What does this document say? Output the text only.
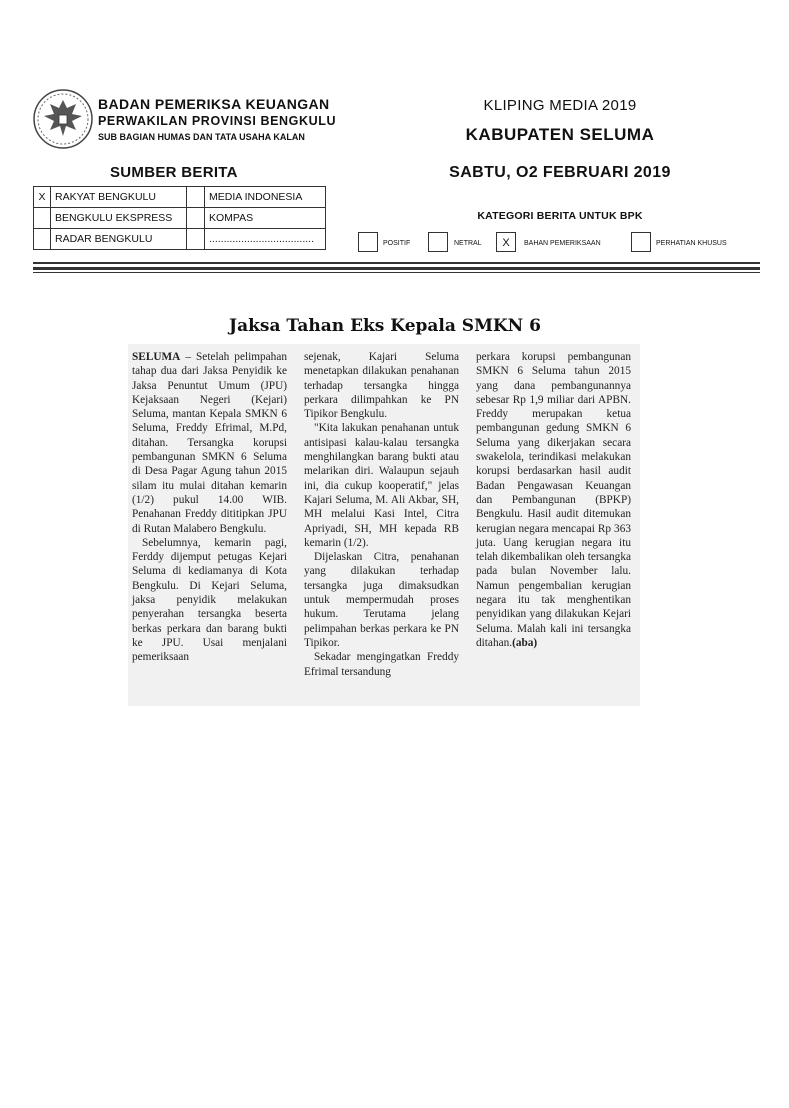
BADAN PEMERIKSA KEUANGAN
PERWAKILAN PROVINSI BENGKULU
SUB BAGIAN HUMAS DAN TATA USAHA KALAN
KLIPING MEDIA 2019
KABUPATEN SELUMA
SUMBER BERITA	SABTU, O2 FEBRUARI 2019
X	RAKYAT BENGKULU		MEDIA INDONESIA
	BENGKULU EKSPRESS		KOMPAS
	RADAR BENGKULU		....................................
KATEGORI BERITA UNTUK BPK
POSITIF	NETRAL	X	BAHAN PEMERIKSAAN	PERHATIAN KHUSUS
Jaksa Tahan Eks Kepala SMKN 6

SELUMA – Setelah pelimpahan tahap dua dari Jaksa Penyidik ke Jaksa Penuntut Umum (JPU) Kejaksaan Negeri (Kejari) Seluma, mantan Kepala SMKN 6 Seluma, Freddy Efrimal, M.Pd, ditahan. Tersangka korupsi pembangunan SMKN 6 Seluma di Desa Pagar Agung tahun 2015 silam itu mulai ditahan kemarin (1/2) pukul 14.00 WIB. Penahanan Freddy dititipkan JPU di Rutan Malabero Bengkulu.

Sebelumnya, kemarin pagi, Ferddy dijemput petugas Kejari Seluma di kediamanya di Kota Bengkulu. Di Kejari Seluma, jaksa penyidik melakukan penyerahan tersangka beserta berkas perkara dan barang bukti ke JPU. Usai menjalani pemeriksaan

sejenak, Kajari Seluma menetapkan dilakukan penahanan terhadap tersangka hingga perkara dilimpahkan ke PN Tipikor Bengkulu.

"Kita lakukan penahanan untuk antisipasi kalau-kalau tersangka menghilangkan barang bukti atau melarikan diri. Walaupun sejauh ini, dia cukup kooperatif," jelas Kajari Seluma, M. Ali Akbar, SH, MH melalui Kasi Intel, Citra Apriyadi, SH, MH kepada RB kemarin (1/2).

Dijelaskan Citra, penahanan yang dilakukan terhadap tersangka juga dimaksudkan untuk mempermudah proses hukum. Terutama jelang pelimpahan berkas perkara ke PN Tipikor.

Sekadar mengingatkan Freddy Efrimal tersandung

perkara korupsi pembangunan SMKN 6 Seluma tahun 2015 yang dana pembangunannya sebesar Rp 1,9 miliar dari APBN. Freddy merupakan ketua pembangunan gedung SMKN 6 Seluma yang dikerjakan secara swakelola, terindikasi melakukan korupsi berdasarkan hasil audit Badan Pengawasan Keuangan dan Pembangunan (BPKP) Bengkulu. Hasil audit ditemukan kerugian negara mencapai Rp 363 juta. Uang kerugian negara itu telah dikembalikan oleh tersangka pada bulan November lalu. Namun pengembalian kerugian negara itu tak menghentikan penyidikan yang dilakukan Kejari Seluma. Malah kali ini tersangka ditahan.(aba)
